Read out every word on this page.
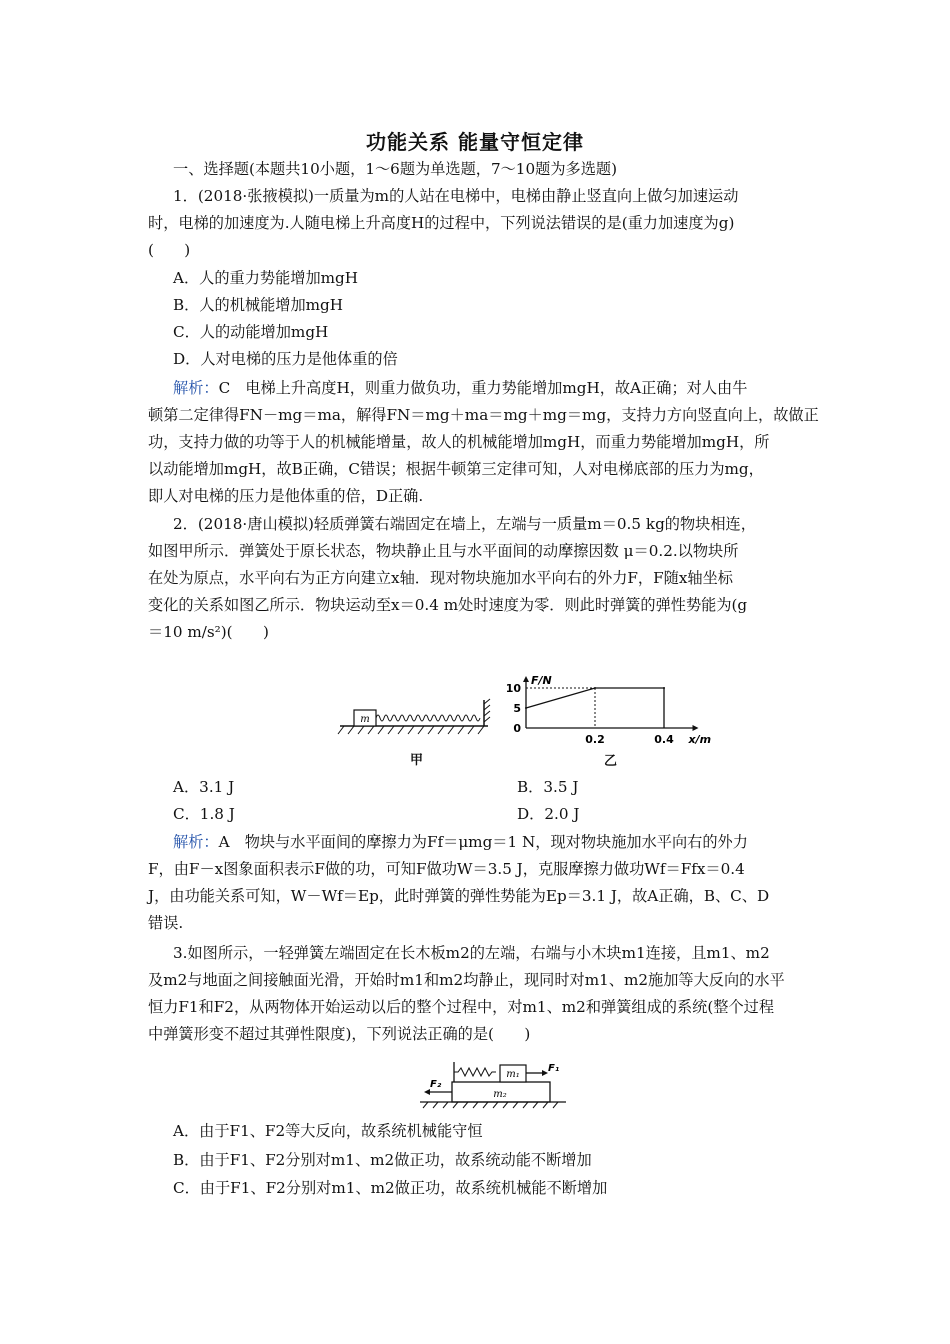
功能关系 能量守恒定律
一、选择题(本题共10小题，1～6题为单选题，7～10题为多选题)
1．(2018·张掖模拟)一质量为m的人站在电梯中，电梯由静止竖直向上做匀加速运动
时，电梯的加速度为.人随电梯上升高度H的过程中，下列说法错误的是(重力加速度为g)
(　　)
A．人的重力势能增加mgH
B．人的机械能增加mgH
C．人的动能增加mgH
D．人对电梯的压力是他体重的倍
解析：C　电梯上升高度H，则重力做负功，重力势能增加mgH，故A正确；对人由牛
顿第二定律得FN－mg＝ma，解得FN＝mg＋ma＝mg＋mg＝mg，支持力方向竖直向上，故做正
功，支持力做的功等于人的机械能增量，故人的机械能增加mgH，而重力势能增加mgH，所
以动能增加mgH，故B正确，C错误；根据牛顿第三定律可知，人对电梯底部的压力为mg，
即人对电梯的压力是他体重的倍，D正确.
2．(2018·唐山模拟)轻质弹簧右端固定在墙上，左端与一质量m＝0.5 kg的物块相连，
如图甲所示．弹簧处于原长状态，物块静止且与水平面间的动摩擦因数 μ＝0.2.以物块所
在处为原点，水平向右为正方向建立x轴．现对物块施加水平向右的外力F，F随x轴坐标
变化的关系如图乙所示．物块运动至x＝0.4 m处时速度为零．则此时弹簧的弹性势能为(g
＝10 m/s²)(　　)
m
甲
0
5
10
0.2	0.4
F/N
x/m
乙
A．3.1 J	B．3.5 J
C．1.8 J	D．2.0 J
解析：A　物块与水平面间的摩擦力为Ff＝μmg＝1 N，现对物块施加水平向右的外力
F，由F－x图象面积表示F做的功，可知F做功W＝3.5 J，克服摩擦力做功Wf＝Ffx＝0.4
J，由功能关系可知，W－Wf＝Ep，此时弹簧的弹性势能为Ep＝3.1 J，故A正确，B、C、D
错误.
3.如图所示，一轻弹簧左端固定在长木板m2的左端，右端与小木块m1连接，且m1、m2
及m2与地面之间接触面光滑，开始时m1和m2均静止，现同时对m1、m2施加等大反向的水平
恒力F1和F2，从两物体开始运动以后的整个过程中，对m1、m2和弹簧组成的系统(整个过程
中弹簧形变不超过其弹性限度)，下列说法正确的是(　　)
m₂
m₁
F₁
F₂
A．由于F1、F2等大反向，故系统机械能守恒
B．由于F1、F2分别对m1、m2做正功，故系统动能不断增加
C．由于F1、F2分别对m1、m2做正功，故系统机械能不断增加
